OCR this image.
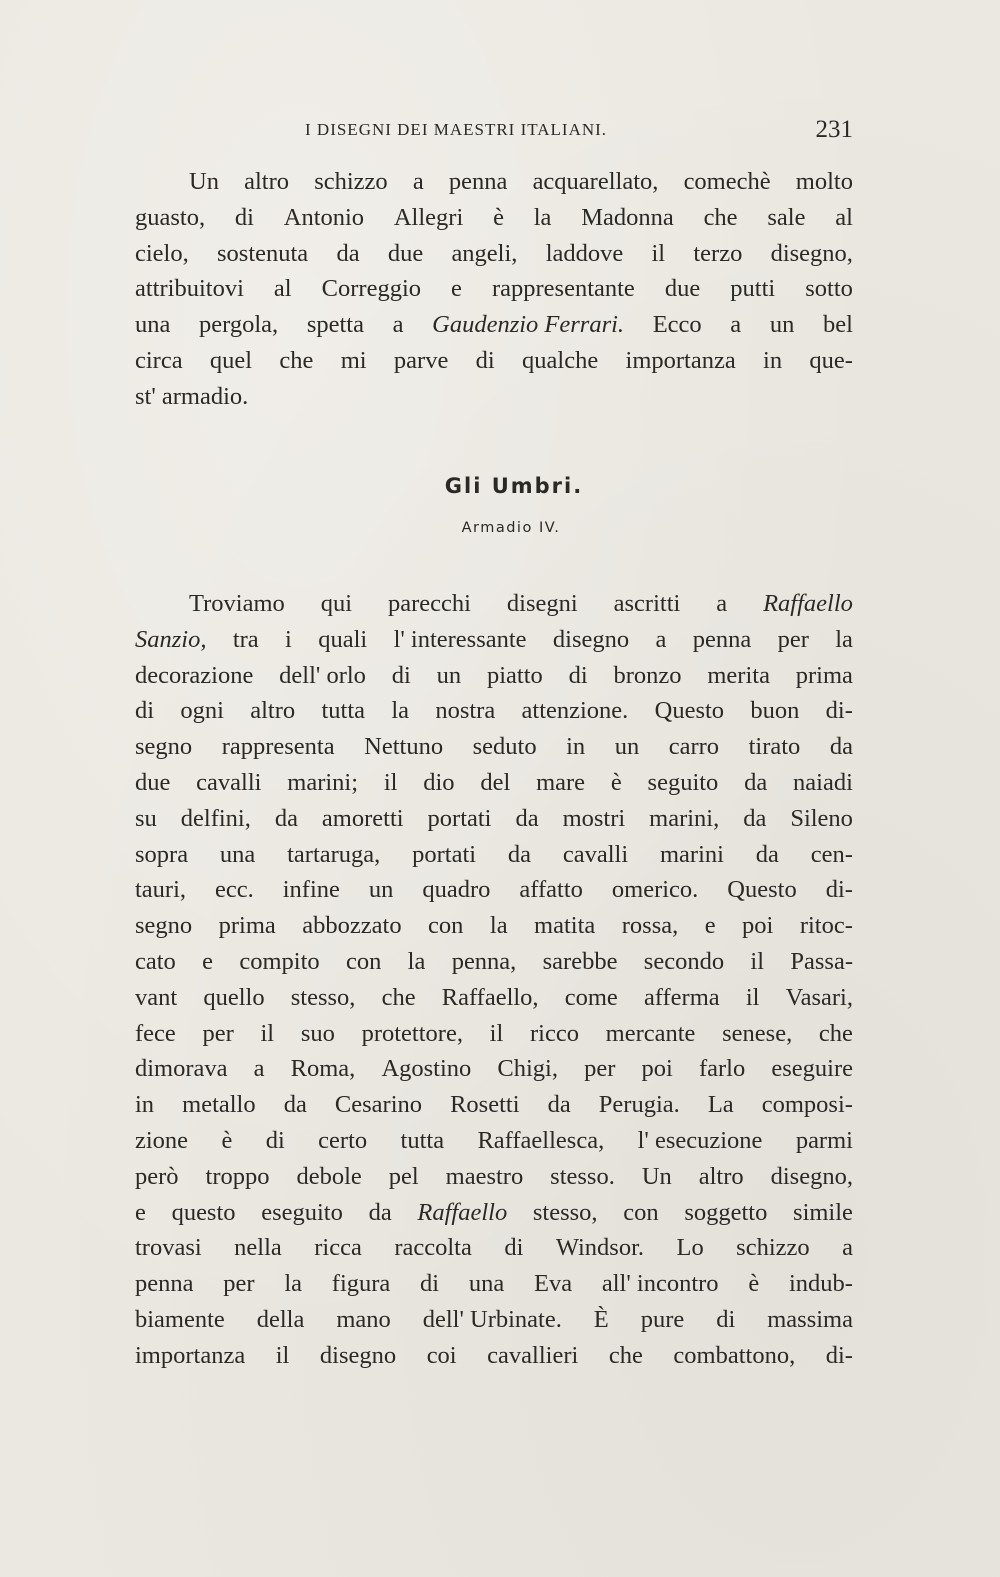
I DISEGNI DEI MAESTRI ITALIANI.	231
Un altro schizzo a penna acquarellato, comechè molto
guasto, di Antonio Allegri è la Madonna che sale al
cielo, sostenuta da due angeli, laddove il terzo disegno,
attribuitovi al Correggio e rappresentante due putti sotto
una pergola, spetta a Gaudenzio Ferrari. Ecco a un bel
circa quel che mi parve di qualche importanza in que-
st' armadio.
Gli Umbri.
Armadio IV.
Troviamo qui parecchi disegni ascritti a Raffaello
Sanzio, tra i quali l' interessante disegno a penna per la
decorazione dell' orlo di un piatto di bronzo merita prima
di ogni altro tutta la nostra attenzione. Questo buon di-
segno rappresenta Nettuno seduto in un carro tirato da
due cavalli marini; il dio del mare è seguito da naiadi
su delfini, da amoretti portati da mostri marini, da Sileno
sopra una tartaruga, portati da cavalli marini da cen-
tauri, ecc. infine un quadro affatto omerico. Questo di-
segno prima abbozzato con la matita rossa, e poi ritoc-
cato e compito con la penna, sarebbe secondo il Passa-
vant quello stesso, che Raffaello, come afferma il Vasari,
fece per il suo protettore, il ricco mercante senese, che
dimorava a Roma, Agostino Chigi, per poi farlo eseguire
in metallo da Cesarino Rosetti da Perugia. La composi-
zione è di certo tutta Raffaellesca, l' esecuzione parmi
però troppo debole pel maestro stesso. Un altro disegno,
e questo eseguito da Raffaello stesso, con soggetto simile
trovasi nella ricca raccolta di Windsor. Lo schizzo a
penna per la figura di una Eva all' incontro è indub-
biamente della mano dell' Urbinate. È pure di massima
importanza il disegno coi cavallieri che combattono, di-
